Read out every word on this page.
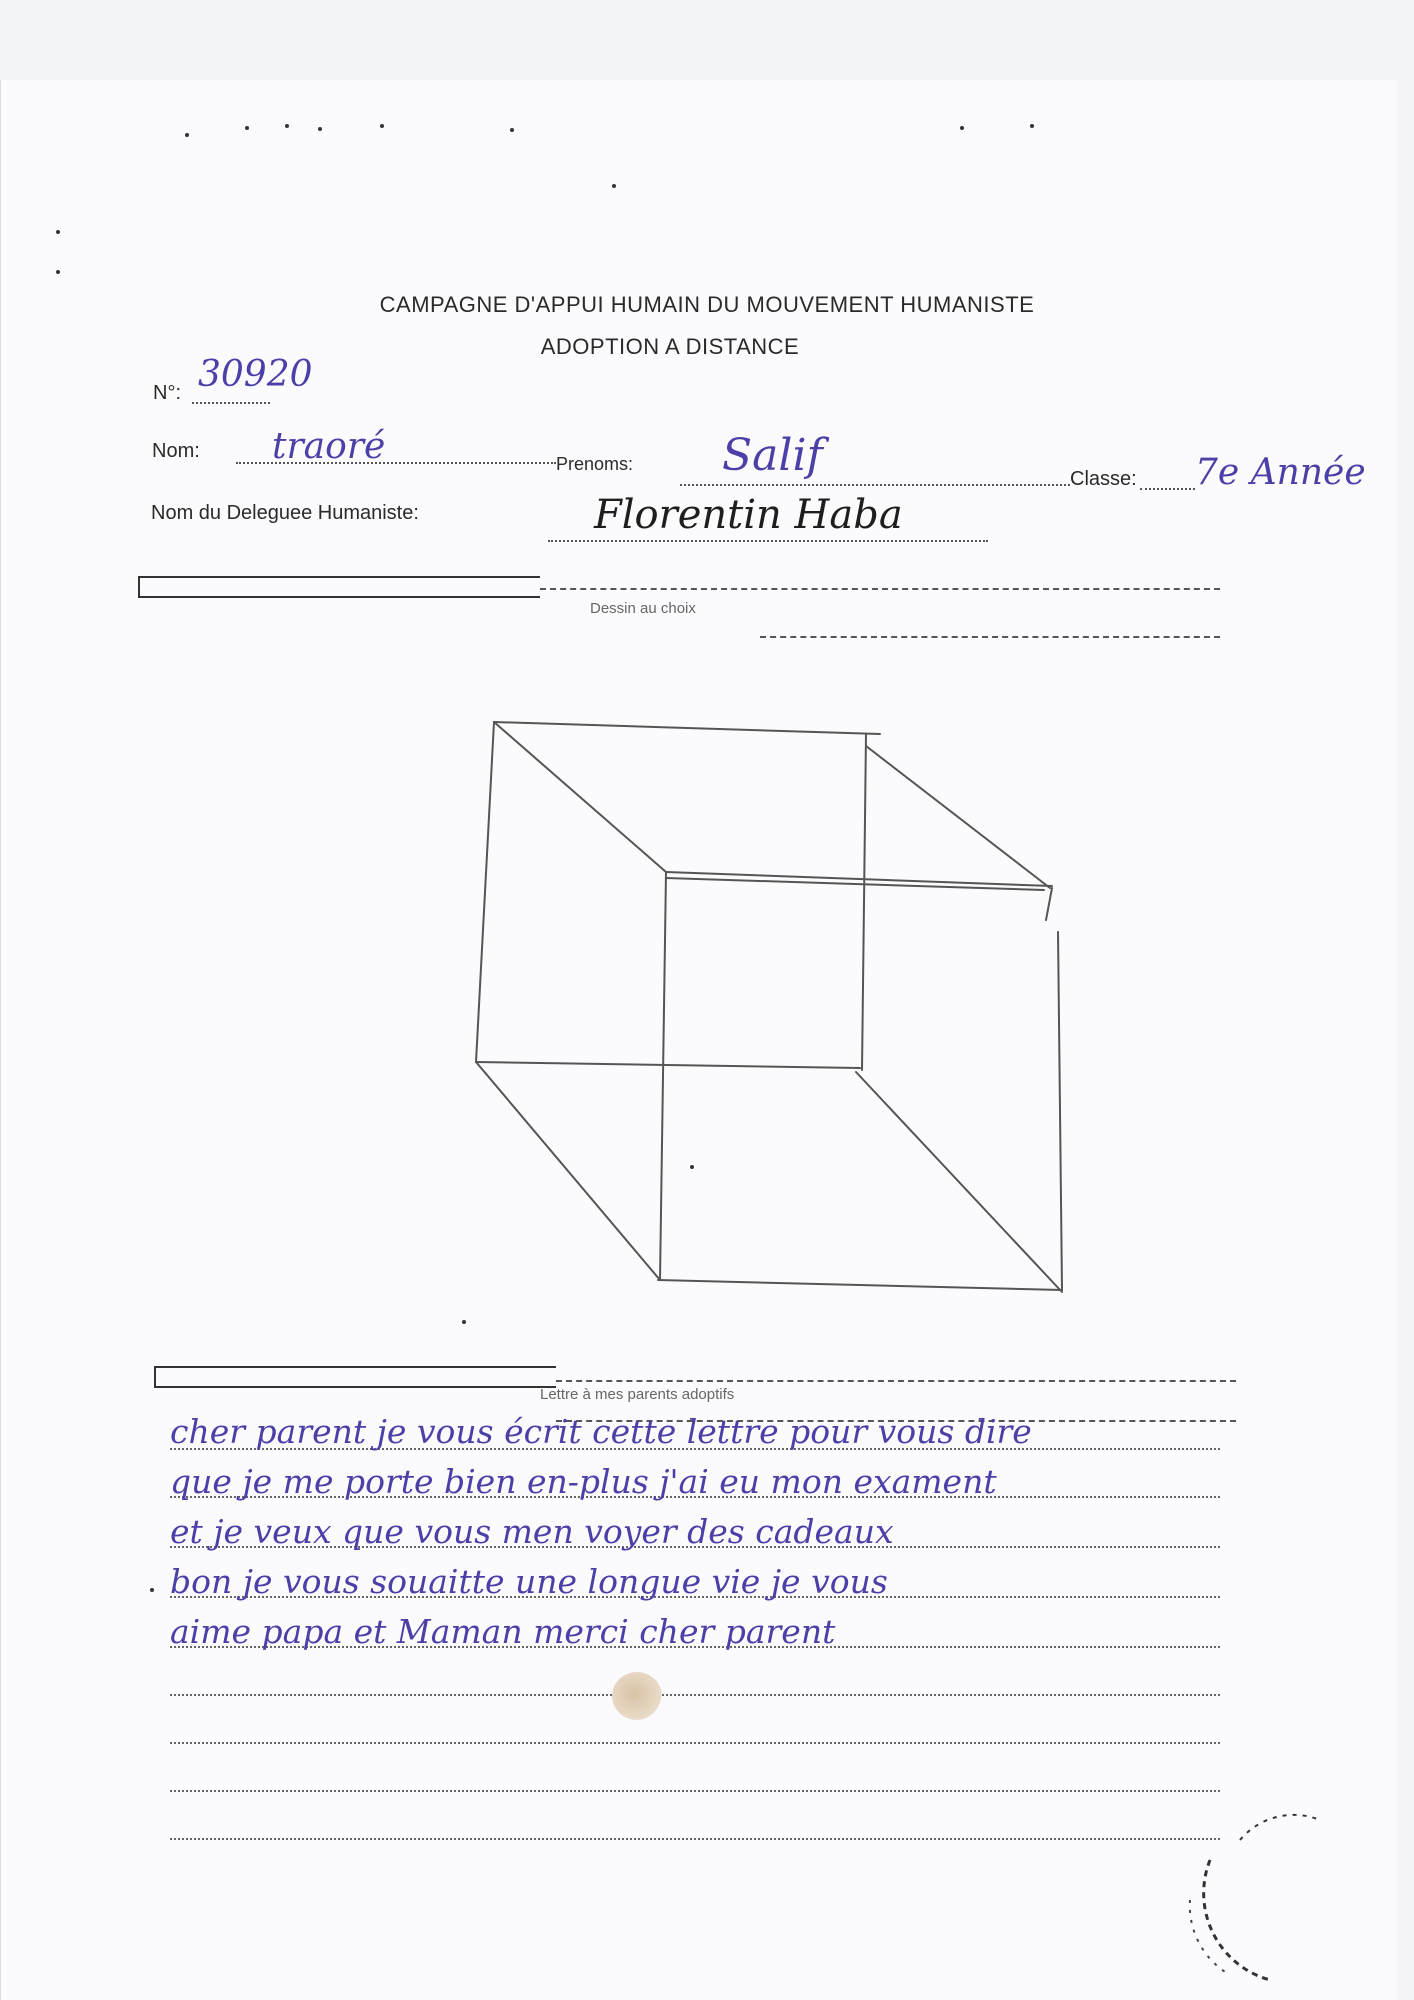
CAMPAGNE D'APPUI HUMAIN DU MOUVEMENT HUMANISTE
ADOPTION A DISTANCE
N°: 30920
Nom: traoré	Prenoms: Salif	Classe: 7e Année
Nom du Deleguee Humaniste:	Florentin Haba
Dessin au choix
Lettre à mes parents adoptifs
cher parent je vous écrit cette lettre pour vous dire
que je me porte bien en-plus j'ai eu mon exament
et je veux que vous men voyer des cadeaux
bon je vous souaitte une longue vie je vous
aime papa et Maman merci cher parent
